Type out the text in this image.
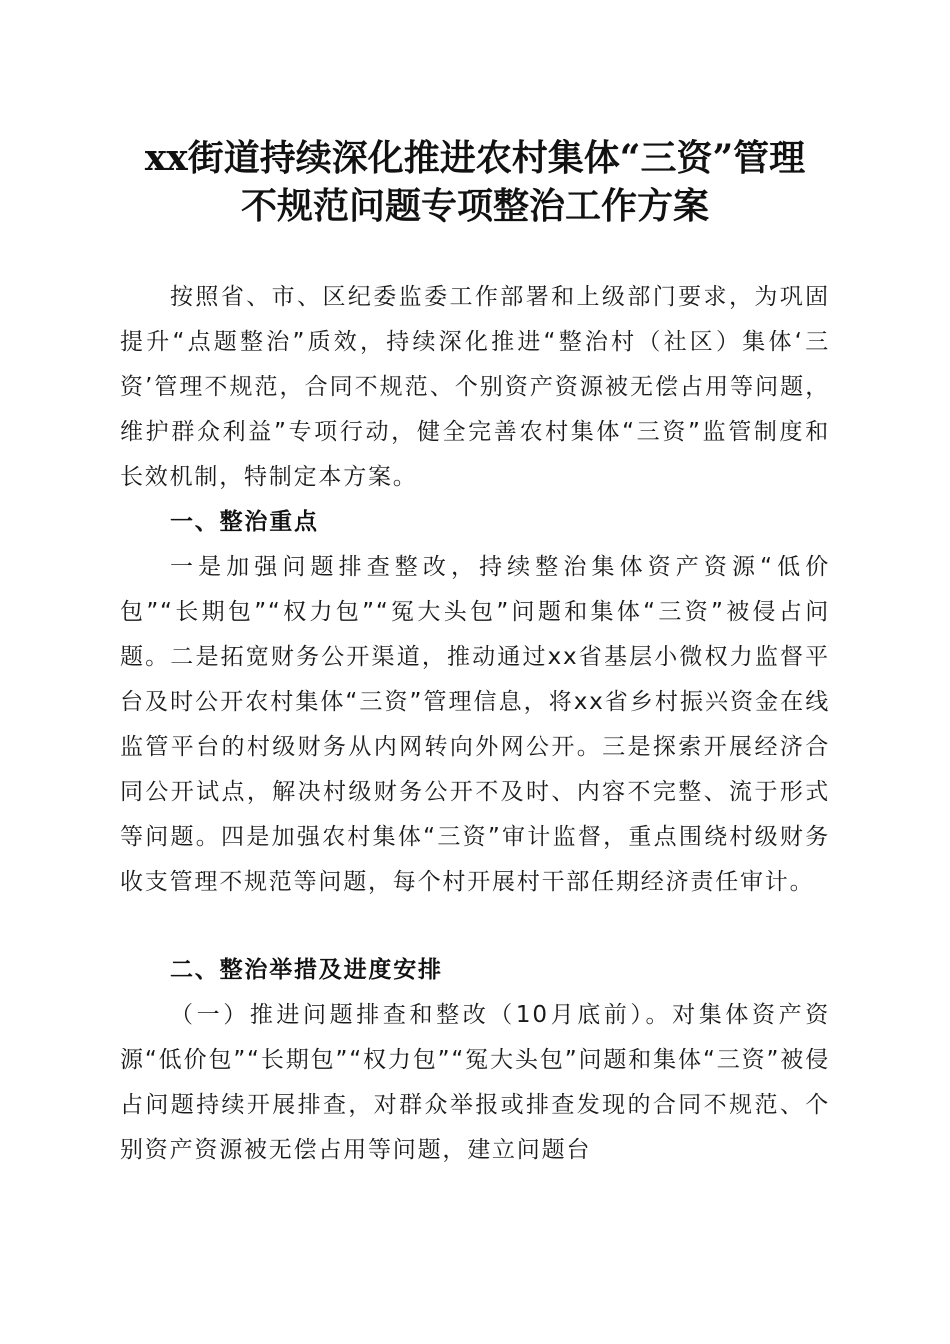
xx街道持续深化推进农村集体“三资”管理
不规范问题专项整治工作方案
按照省、市、区纪委监委工作部署和上级部门要求，为巩固提升“点题整治”质效，持续深化推进“整治村（社区）集体‘三资’管理不规范，合同不规范、个别资产资源被无偿占用等问题，维护群众利益”专项行动，健全完善农村集体“三资”监管制度和长效机制，特制定本方案。
一、整治重点
一是加强问题排查整改，持续整治集体资产资源“低价包”“长期包”“权力包”“冤大头包”问题和集体“三资”被侵占问题。二是拓宽财务公开渠道，推动通过xx省基层小微权力监督平台及时公开农村集体“三资”管理信息，将xx省乡村振兴资金在线监管平台的村级财务从内网转向外网公开。三是探索开展经济合同公开试点，解决村级财务公开不及时、内容不完整、流于形式等问题。四是加强农村集体“三资”审计监督，重点围绕村级财务收支管理不规范等问题，每个村开展村干部任期经济责任审计。
二、整治举措及进度安排
（一）推进问题排查和整改（10月底前）。对集体资产资源“低价包”“长期包”“权力包”“冤大头包”问题和集体“三资”被侵占问题持续开展排查，对群众举报或排查发现的合同不规范、个别资产资源被无偿占用等问题，建立问题台
